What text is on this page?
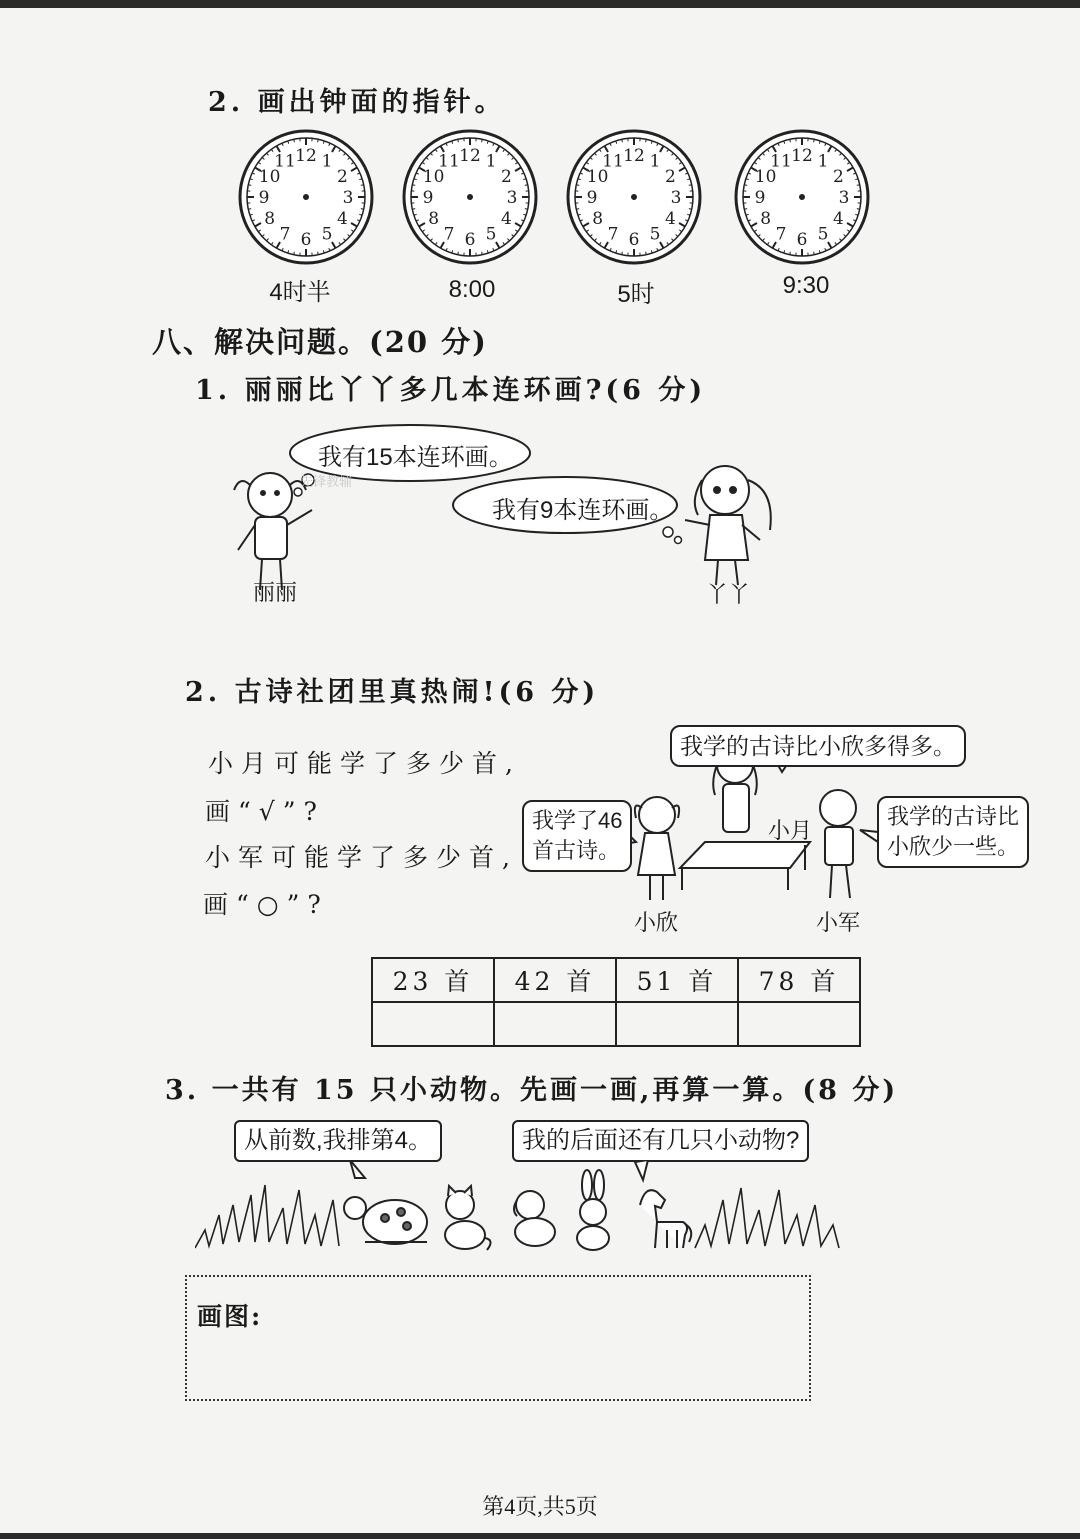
2. 画出钟面的指针。
12 1
2
3
4
5
6
7
8
9
10
11	12 1
2
3
4
5
6
7
8
9
10
11	12 1
2
3
4
5
6
7
8
9
10
11	12 1
2
3
4
5
6
7
8
9
10
11
4时半	8:00	5时	9:30
八、解决问题。(20 分)
1. 丽丽比丫丫多几本连环画?(6 分)
我有15本连环画。
我有9本连环画。
先锋教辅
丽丽	丫丫
2. 古诗社团里真热闹!(6 分)
小月可能学了多少首,
画“√”?
小军可能学了多少首,
画“○”?
我学的古诗比小欣多得多。
我学了46
首古诗。
我学的古诗比
小欣少一些。
小月
小欣	小军
23 首	42 首	51 首	78 首

3. 一共有 15 只小动物。先画一画,再算一算。(8 分)
从前数,我排第4。	我的后面还有几只小动物?
画图:
第4页,共5页
